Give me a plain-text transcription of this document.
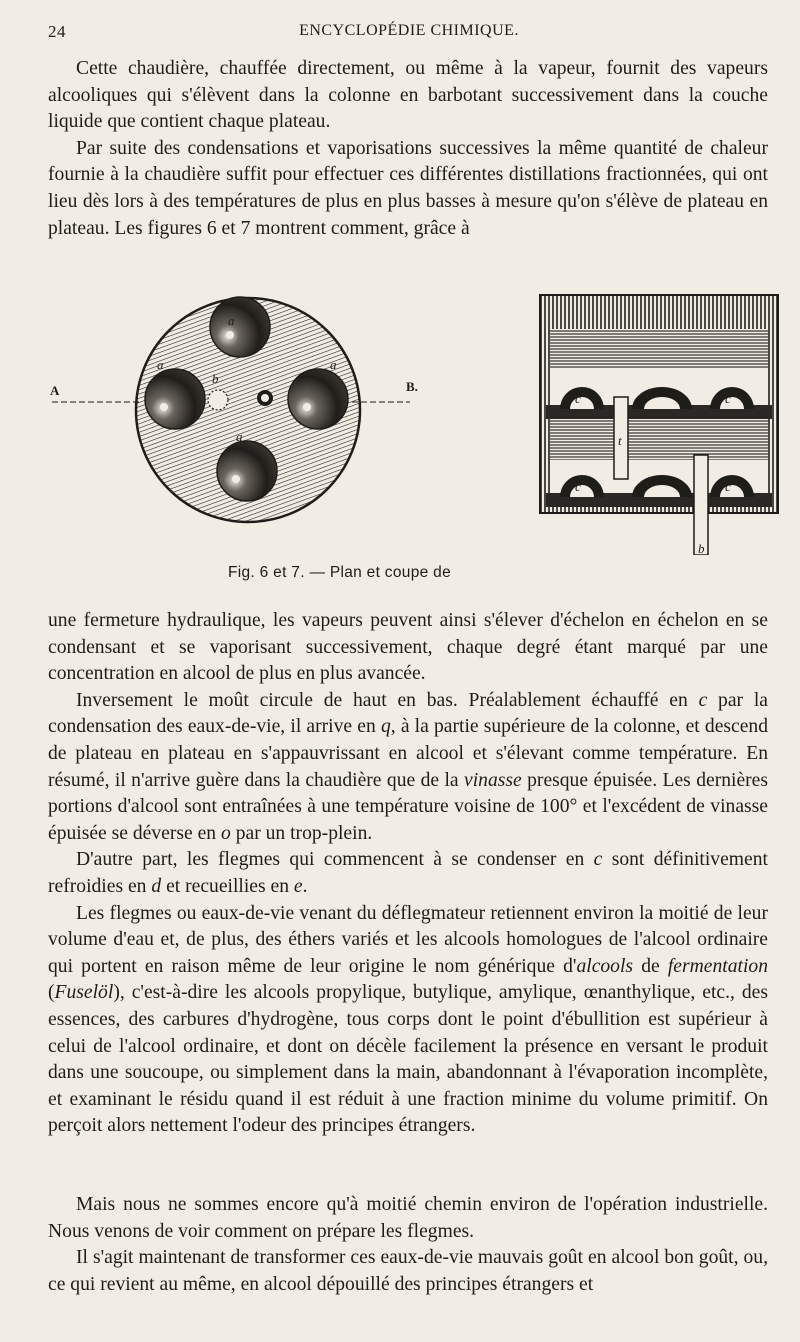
24	ENCYCLOPÉDIE CHIMIQUE.

Cette chaudière, chauffée directement, ou même à la vapeur, fournit des vapeurs alcooliques qui s'élèvent dans la colonne en barbotant successivement dans la couche liquide que contient chaque plateau.

Par suite des condensations et vaporisations successives la même quantité de chaleur fournie à la chaudière suffit pour effectuer ces différentes distillations fractionnées, qui ont lieu dès lors à des températures de plus en plus basses à mesure qu'on s'élève de plateau en plateau. Les figures 6 et 7 montrent comment, grâce à

A	B.
a
a	a
a
b
c	c
t
c	c
b
Fig. 6 et 7. — Plan et coupe de

une fermeture hydraulique, les vapeurs peuvent ainsi s'élever d'échelon en échelon en se condensant et se vaporisant successivement, chaque degré étant marqué par une concentration en alcool de plus en plus avancée.

Inversement le moût circule de haut en bas. Préalablement échauffé en c par la condensation des eaux-de-vie, il arrive en q, à la partie supérieure de la colonne, et descend de plateau en plateau en s'appauvrissant en alcool et s'élevant comme température. En résumé, il n'arrive guère dans la chaudière que de la vinasse presque épuisée. Les dernières portions d'alcool sont entraînées à une température voisine de 100° et l'excédent de vinasse épuisée se déverse en o par un trop-plein.

D'autre part, les flegmes qui commencent à se condenser en c sont définitivement refroidies en d et recueillies en e.

Les flegmes ou eaux-de-vie venant du déflegmateur retiennent environ la moitié de leur volume d'eau et, de plus, des éthers variés et les alcools homologues de l'alcool ordinaire qui portent en raison même de leur origine le nom générique d'alcools de fermentation (Fuselöl), c'est-à-dire les alcools propylique, butylique, amylique, œnanthylique, etc., des essences, des carbures d'hydrogène, tous corps dont le point d'ébullition est supérieur à celui de l'alcool ordinaire, et dont on décèle facilement la présence en versant le produit dans une soucoupe, ou simplement dans la main, abandonnant à l'évaporation incomplète, et examinant le résidu quand il est réduit à une fraction minime du volume primitif. On perçoit alors nettement l'odeur des principes étrangers.

Mais nous ne sommes encore qu'à moitié chemin environ de l'opération industrielle. Nous venons de voir comment on prépare les flegmes.

Il s'agit maintenant de transformer ces eaux-de-vie mauvais goût en alcool bon goût, ou, ce qui revient au même, en alcool dépouillé des principes étrangers et
